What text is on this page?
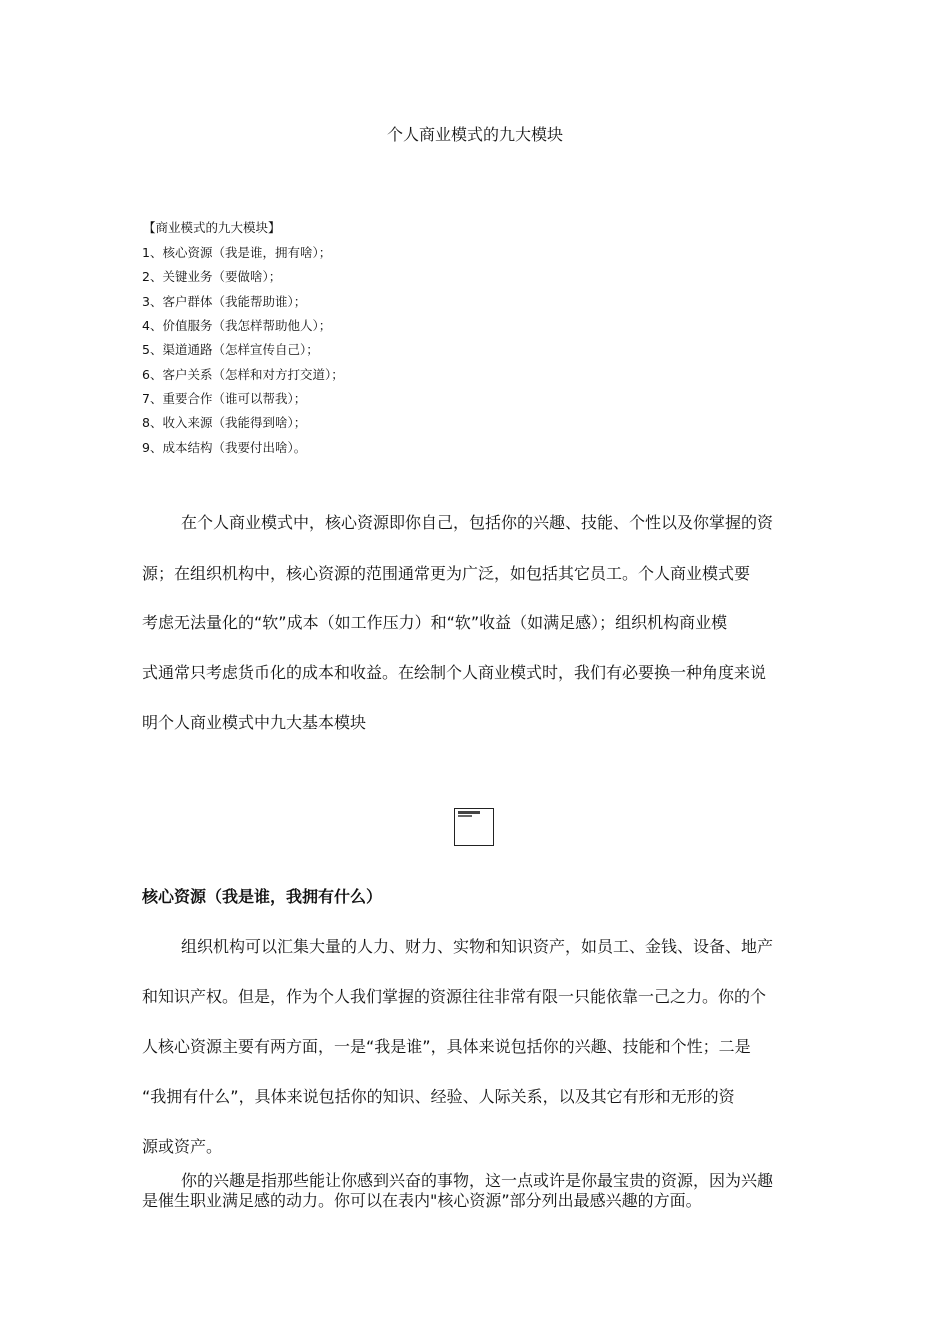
个人商业模式的九大模块
【商业模式的九大模块】
1、核心资源（我是谁，拥有啥）；
2、关键业务（要做啥）；
3、客户群体（我能帮助谁）；
4、价值服务（我怎样帮助他人）；
5、渠道通路（怎样宣传自己）；
6、客户关系（怎样和对方打交道）；
7、重要合作（谁可以帮我）；
8、收入来源（我能得到啥）；
9、成本结构（我要付出啥）。
在个人商业模式中，核心资源即你自己，包括你的兴趣、技能、个性以及你掌握的资
源；在组织机构中，核心资源的范围通常更为广泛，如包括其它员工。个人商业模式要
考虑无法量化的“软”成本（如工作压力）和“软”收益（如满足感）；组织机构商业模
式通常只考虑货币化的成本和收益。在绘制个人商业模式时，我们有必要换一种角度来说
明个人商业模式中九大基本模块
核心资源（我是谁，我拥有什么）
组织机构可以汇集大量的人力、财力、实物和知识资产，如员工、金钱、设备、地产
和知识产权。但是，作为个人我们掌握的资源往往非常有限一只能依靠一己之力。你的个
人核心资源主要有两方面，一是“我是谁”，具体来说包括你的兴趣、技能和个性；二是
“我拥有什么”，具体来说包括你的知识、经验、人际关系，以及其它有形和无形的资
源或资产。
你的兴趣是指那些能让你感到兴奋的事物，这一点或许是你最宝贵的资源，因为兴趣
是催生职业满足感的动力。你可以在表内"核心资源”部分列出最感兴趣的方面。
